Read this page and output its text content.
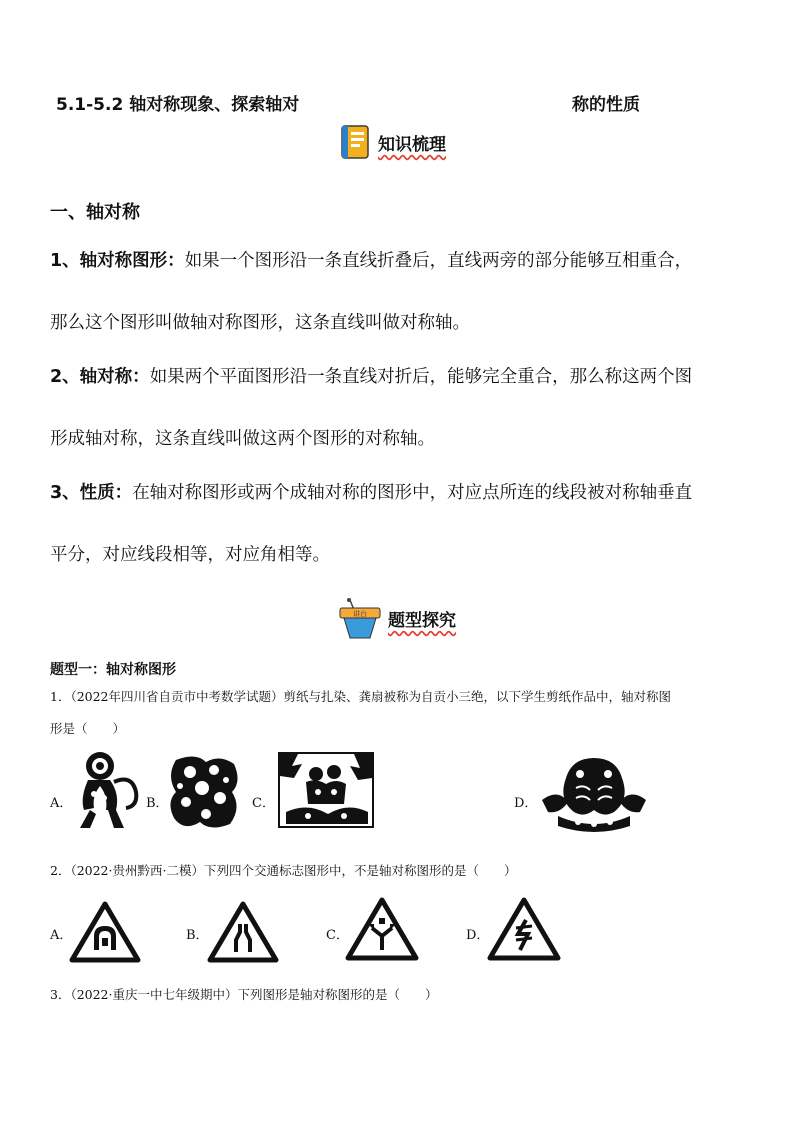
5.1-5.2 轴对称现象、探索轴对	称的性质
知识梳理
一、轴对称
1、轴对称图形：如果一个图形沿一条直线折叠后，直线两旁的部分能够互相重合，
那么这个图形叫做轴对称图形，这条直线叫做对称轴。
2、轴对称：如果两个平面图形沿一条直线对折后，能够完全重合，那么称这两个图
形成轴对称，这条直线叫做这两个图形的对称轴。
3、性质：在轴对称图形或两个成轴对称的图形中，对应点所连的线段被对称轴垂直
平分，对应线段相等，对应角相等。
讲台 题型探究
题型一：轴对称图形
1．（2022年四川省自贡市中考数学试题）剪纸与扎染、龚扇被称为自贡小三绝，以下学生剪纸作品中，轴对称图
形是（　　）
A．	B．	C．	D．
2．（2022·贵州黔西·二模）下列四个交通标志图形中，不是轴对称图形的是（　　）
A．	B．	C．	D．
3．（2022·重庆一中七年级期中）下列图形是轴对称图形的是（　　）
